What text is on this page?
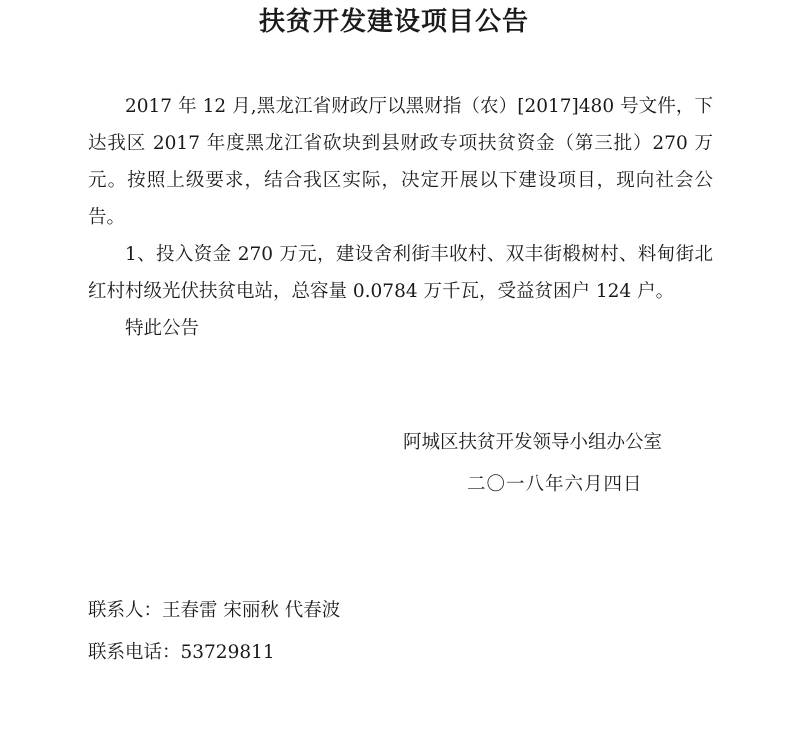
扶贫开发建设项目公告

2017 年 12 月,黑龙江省财政厅以黑财指（农）[2017]480 号文件，下达我区 2017 年度黑龙江省砍块到县财政专项扶贫资金（第三批）270 万元。按照上级要求，结合我区实际，决定开展以下建设项目，现向社会公告。

1、投入资金 270 万元，建设舍利街丰收村、双丰街椴树村、料甸街北红村村级光伏扶贫电站，总容量 0.0784 万千瓦，受益贫困户 124 户。

特此公告

阿城区扶贫开发领导小组办公室
二〇一八年六月四日
联系人：王春雷 宋丽秋 代春波
联系电话：53729811
